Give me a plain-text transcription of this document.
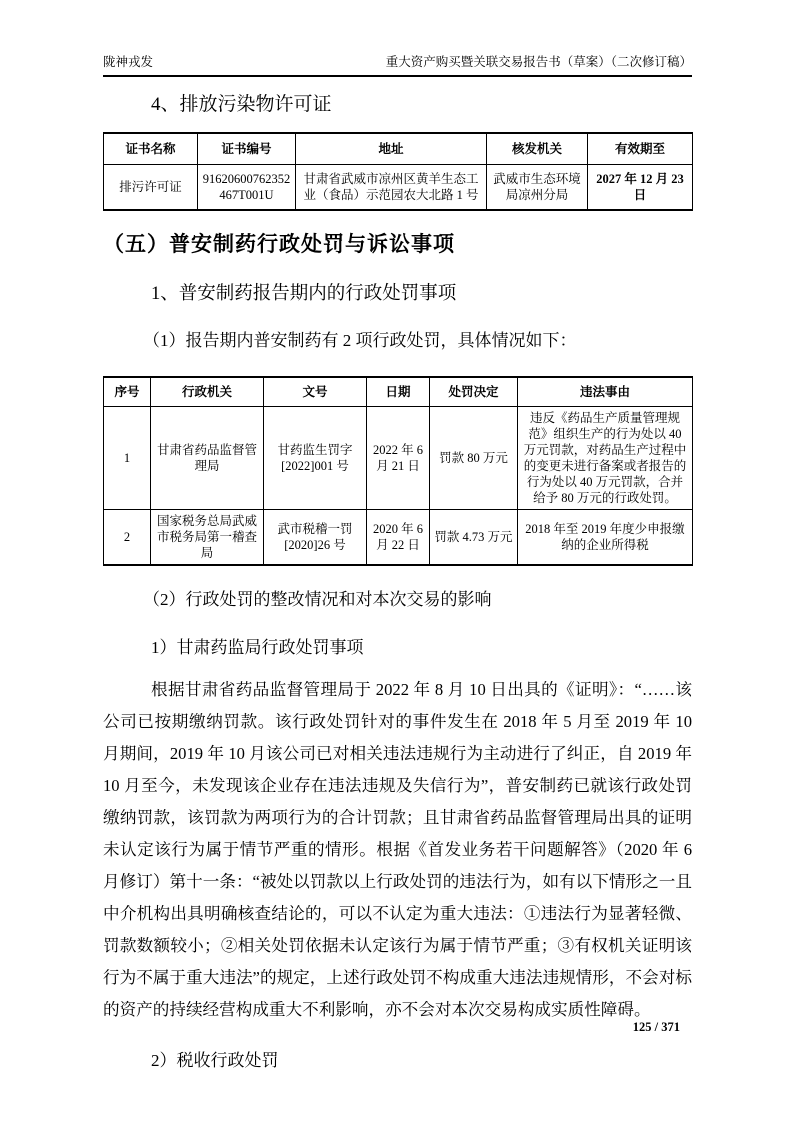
陇神戎发	重大资产购买暨关联交易报告书（草案）（二次修订稿）
4、排放污染物许可证
证书名称	证书编号	地址	核发机关	有效期至
排污许可证	91620600762352467T001U	甘肃省武威市凉州区黄羊生态工业（食品）示范园农大北路 1 号	武威市生态环境局凉州分局	2027 年 12 月 23 日
（五）普安制药行政处罚与诉讼事项
1、普安制药报告期内的行政处罚事项
（1）报告期内普安制药有 2 项行政处罚，具体情况如下：
序号	行政机关	文号	日期	处罚决定	违法事由
1	甘肃省药品监督管理局	甘药监生罚字[2022]001 号	2022 年 6 月 21 日	罚款 80 万元	违反《药品生产质量管理规范》组织生产的行为处以 40 万元罚款，对药品生产过程中的变更未进行备案或者报告的行为处以 40 万元罚款，合并给予 80 万元的行政处罚。
2	国家税务总局武威市税务局第一稽查局	武市税稽一罚[2020]26 号	2020 年 6 月 22 日	罚款 4.73 万元	2018 年至 2019 年度少申报缴纳的企业所得税
（2）行政处罚的整改情况和对本次交易的影响
1）甘肃药监局行政处罚事项
根据甘肃省药品监督管理局于 2022 年 8 月 10 日出具的《证明》：“……该公司已按期缴纳罚款。该行政处罚针对的事件发生在 2018 年 5 月至 2019 年 10 月期间，2019 年 10 月该公司已对相关违法违规行为主动进行了纠正，自 2019 年 10 月至今，未发现该企业存在违法违规及失信行为”，普安制药已就该行政处罚缴纳罚款，该罚款为两项行为的合计罚款；且甘肃省药品监督管理局出具的证明未认定该行为属于情节严重的情形。根据《首发业务若干问题解答》（2020 年 6 月修订）第十一条：“被处以罚款以上行政处罚的违法行为，如有以下情形之一且中介机构出具明确核查结论的，可以不认定为重大违法：①违法行为显著轻微、罚款数额较小；②相关处罚依据未认定该行为属于情节严重；③有权机关证明该行为不属于重大违法”的规定，上述行政处罚不构成重大违法违规情形，不会对标的资产的持续经营构成重大不利影响，亦不会对本次交易构成实质性障碍。
2）税收行政处罚
125 / 371
